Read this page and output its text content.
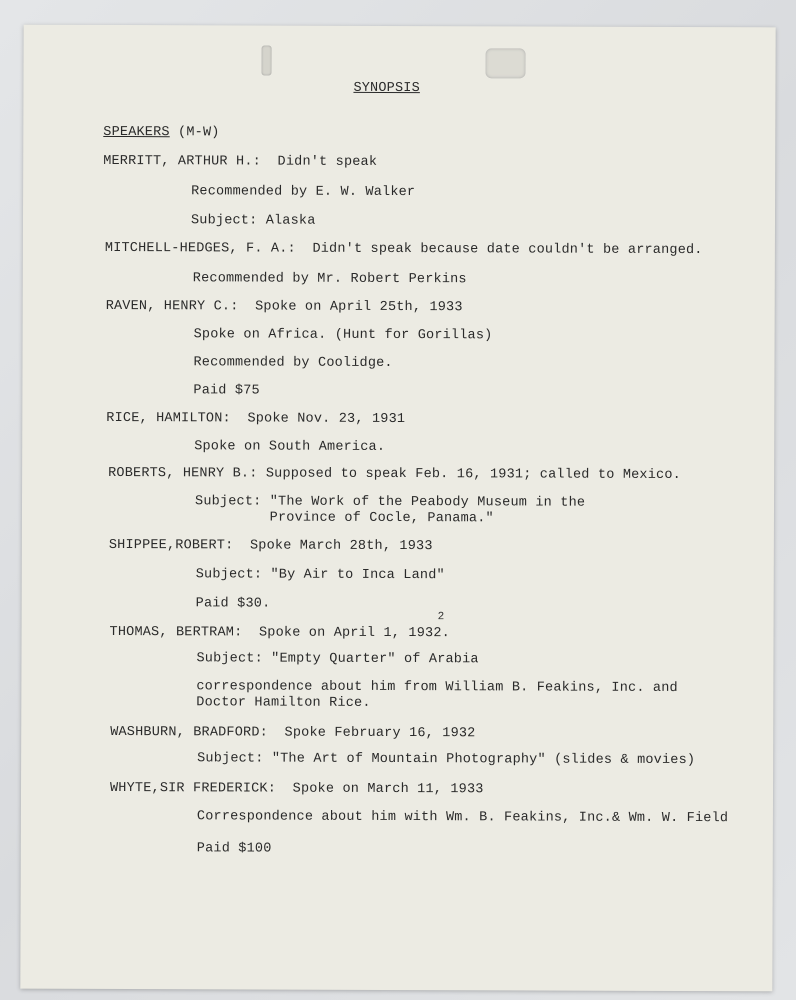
SYNOPSIS
SPEAKERS (M-W)
MERRITT, ARTHUR H.: Didn't speak
Recommended by E. W. Walker
Subject: Alaska
MITCHELL-HEDGES, F. A.: Didn't speak because date couldn't be arranged.
Recommended by Mr. Robert Perkins
RAVEN, HENRY C.: Spoke on April 25th, 1933
Spoke on Africa. (Hunt for Gorillas)
Recommended by Coolidge.
Paid $75
RICE, HAMILTON: Spoke Nov. 23, 1931
Spoke on South America.
ROBERTS, HENRY B.: Supposed to speak Feb. 16, 1931; called to Mexico.
Subject: "The Work of the Peabody Museum in the
Province of Cocle, Panama."
SHIPPEE,ROBERT: Spoke March 28th, 1933
Subject: "By Air to Inca Land"
Paid $30.
2
THOMAS, BERTRAM: Spoke on April 1, 1932.
Subject: "Empty Quarter" of Arabia
correspondence about him from William B. Feakins, Inc. and
Doctor Hamilton Rice.
WASHBURN, BRADFORD: Spoke February 16, 1932
Subject: "The Art of Mountain Photography" (slides & movies)
WHYTE,SIR FREDERICK: Spoke on March 11, 1933
Correspondence about him with Wm. B. Feakins, Inc.& Wm. W. Field
Paid $100
